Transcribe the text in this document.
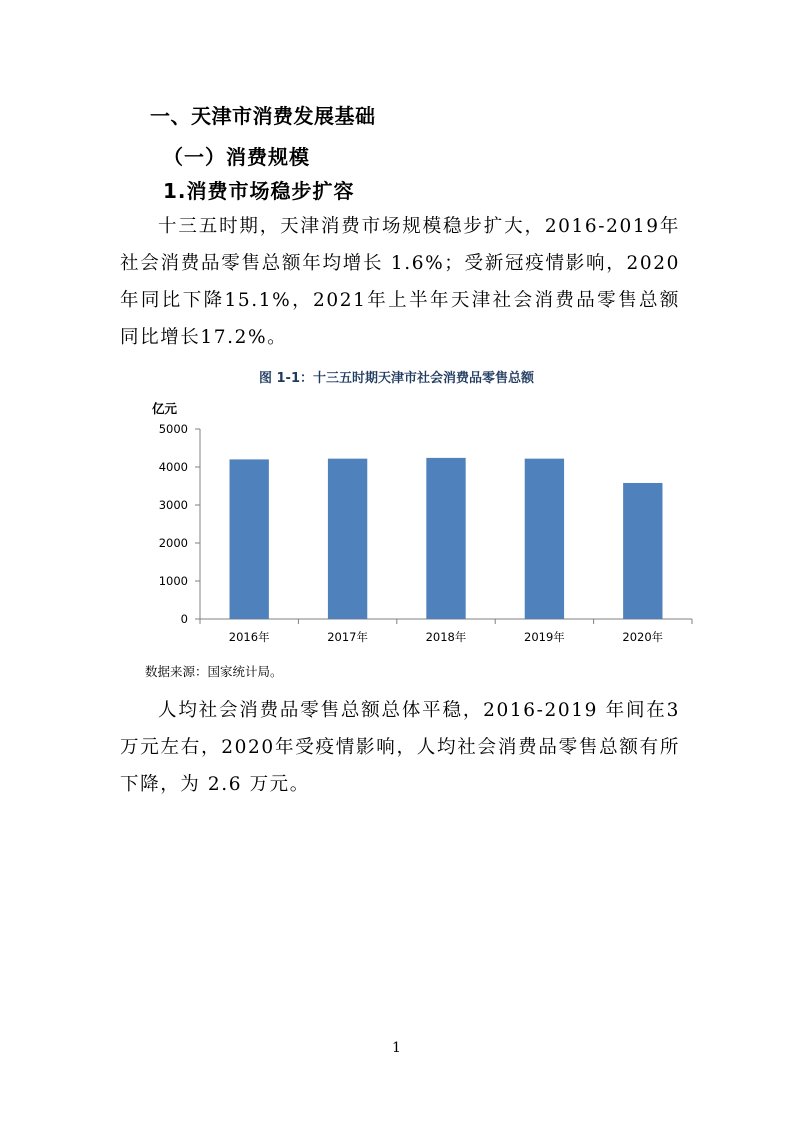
一、天津市消费发展基础
（一）消费规模
1.消费市场稳步扩容
十三五时期，天津消费市场规模稳步扩大，2016-2019年社会消费品零售总额年均增长 1.6%；受新冠疫情影响，2020年同比下降15.1%，2021年上半年天津社会消费品零售总额同比增长17.2%。
图 1-1：十三五时期天津市社会消费品零售总额
亿元
0
1000
2000
3000
4000
5000
2016年	2017年	2018年	2019年	2020年
数据来源：国家统计局。
人均社会消费品零售总额总体平稳，2016-2019 年间在3万元左右，2020年受疫情影响，人均社会消费品零售总额有所下降，为 2.6 万元。
1
